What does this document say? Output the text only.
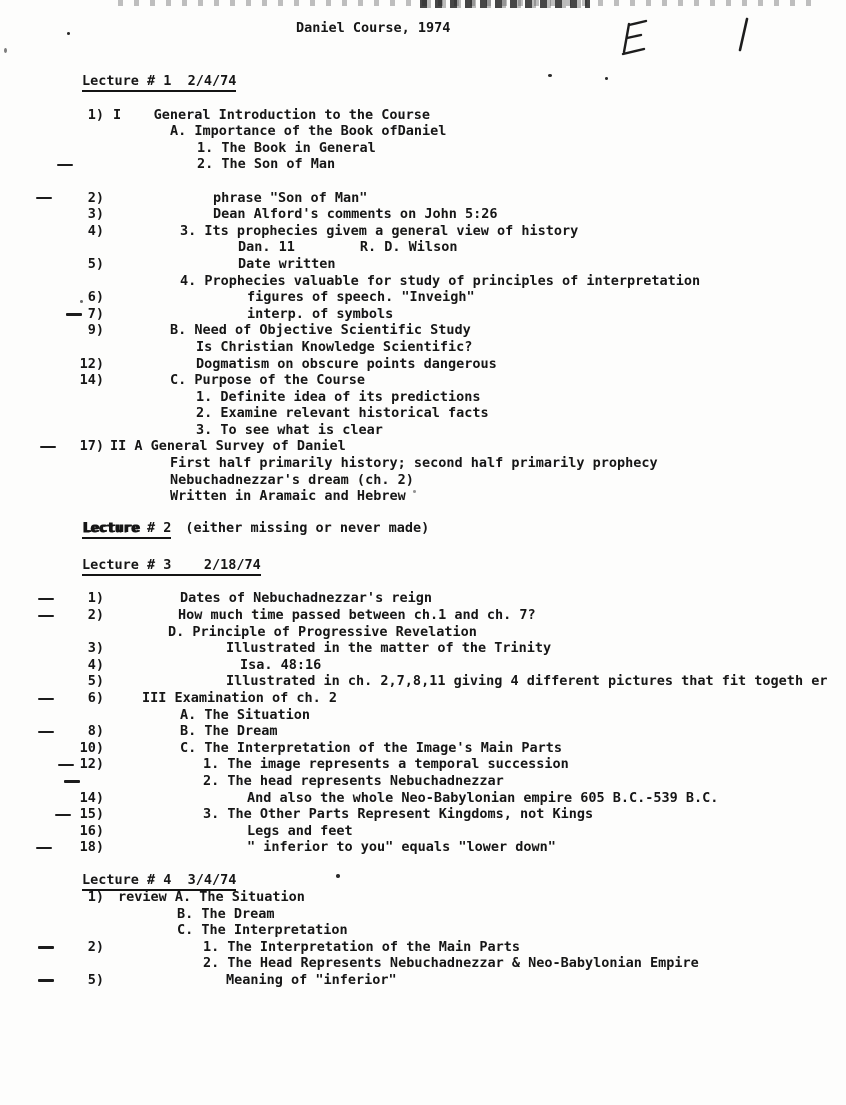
Daniel Course, 1974
Lecture # 1  2/4/74
1) I    General Introduction to the Course
A. Importance of the Book ofDaniel
1. The Book in General
2. The Son of Man
2)	phrase "Son of Man"
3)	Dean Alford's comments on John 5:26
4)	3. Its prophecies givem a general view of history
Dan. 11        R. D. Wilson
5)	Date written
4. Prophecies valuable for study of principles of interpretation
6)	figures of speech. "Inveigh"
7)	interp. of symbols
9)	B. Need of Objective Scientific Study
Is Christian Knowledge Scientific?
12)	Dogmatism on obscure points dangerous
14)	C. Purpose of the Course
1. Definite idea of its predictions
2. Examine relevant historical facts
3. To see what is clear
17) II A General Survey of Daniel
First half primarily history; second half primarily prophecy
Nebuchadnezzar's dream (ch. 2)
Written in Aramaic and Hebrew
Lecture # 2 (either missing or never made)
Lecture # 3    2/18/74
1)	Dates of Nebuchadnezzar's reign
2)	How much time passed between ch.1 and ch. 7?
D. Principle of Progressive Revelation
3)	Illustrated in the matter of the Trinity
4)	Isa. 48:16
5)	Illustrated in ch. 2,7,8,11 giving 4 different pictures that fit togeth er
6)	III Examination of ch. 2
A. The Situation
8)	B. The Dream
10)	C. The Interpretation of the Image's Main Parts
12)	1. The image represents a temporal succession
2. The head represents Nebuchadnezzar
14)	And also the whole Neo-Babylonian empire 605 B.C.-539 B.C.
15)	3. The Other Parts Represent Kingdoms, not Kings
16)	Legs and feet
18)	" inferior to you" equals "lower down"
Lecture # 4  3/4/74
1) review A. The Situation
B. The Dream
C. The Interpretation
2)	1. The Interpretation of the Main Parts
2. The Head Represents Nebuchadnezzar & Neo-Babylonian Empire
5)	Meaning of "inferior"
